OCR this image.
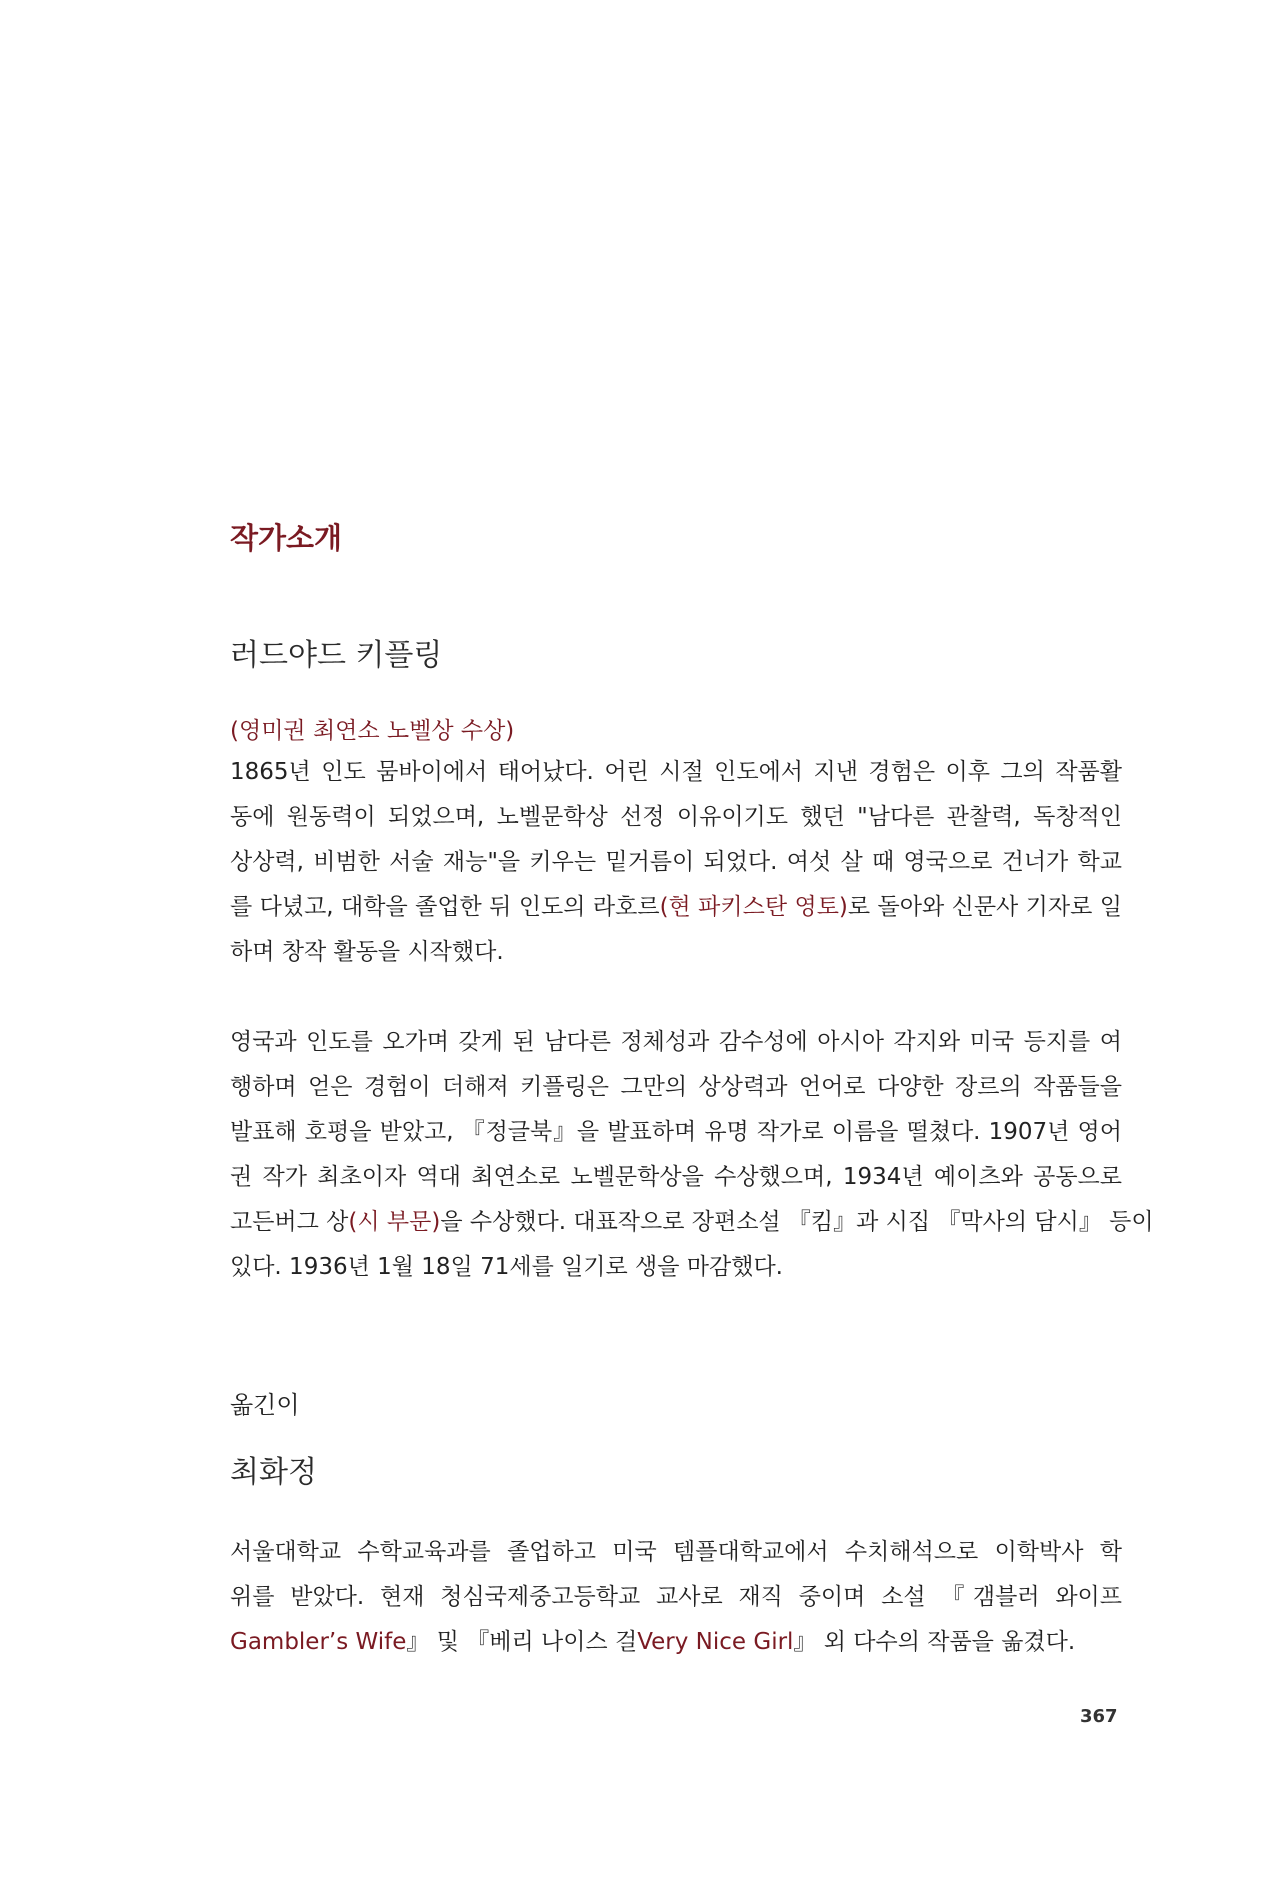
작가소개
러드야드 키플링
(영미권 최연소 노벨상 수상)
1865년 인도 뭄바이에서 태어났다. 어린 시절 인도에서 지낸 경험은 이후 그의 작품활
동에 원동력이 되었으며, 노벨문학상 선정 이유이기도 했던 "남다른 관찰력, 독창적인
상상력, 비범한 서술 재능"을 키우는 밑거름이 되었다. 여섯 살 때 영국으로 건너가 학교
를 다녔고, 대학을 졸업한 뒤 인도의 라호르(현 파키스탄 영토)로 돌아와 신문사 기자로 일
하며 창작 활동을 시작했다.
영국과 인도를 오가며 갖게 된 남다른 정체성과 감수성에 아시아 각지와 미국 등지를 여
행하며 얻은 경험이 더해져 키플링은 그만의 상상력과 언어로 다양한 장르의 작품들을
발표해 호평을 받았고, 『정글북』을 발표하며 유명 작가로 이름을 떨쳤다. 1907년 영어
권 작가 최초이자 역대 최연소로 노벨문학상을 수상했으며, 1934년 예이츠와 공동으로
고든버그 상(시 부문)을 수상했다. 대표작으로 장편소설 『킴』과 시집 『막사의 담시』 등이
있다. 1936년 1월 18일 71세를 일기로 생을 마감했다.
옮긴이
최화정
서울대학교 수학교육과를 졸업하고 미국 템플대학교에서 수치해석으로 이학박사 학
위를 받았다. 현재 청심국제중고등학교 교사로 재직 중이며 소설 『갬블러 와이프
Gambler’s Wife』 및 『베리 나이스 걸Very Nice Girl』 외 다수의 작품을 옮겼다.
367
